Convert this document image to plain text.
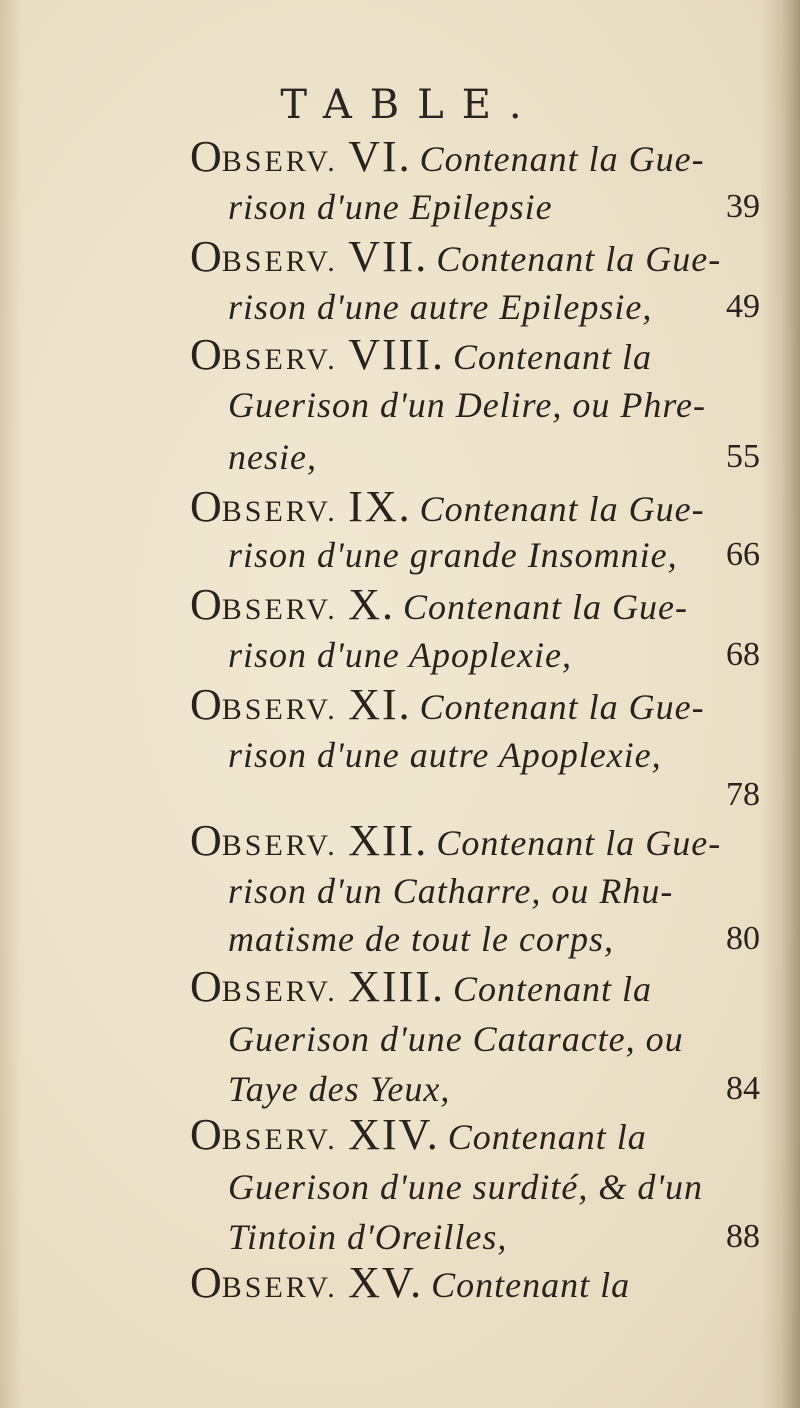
TABLE.
OBSERV. VI. Contenant la Gue-
rison d'une Epilepsie	39
OBSERV. VII. Contenant la Gue-
rison d'une autre Epilepsie, 49
OBSERV. VIII. Contenant la
Guerison d'un Delire, ou Phre-
nesie,	55
OBSERV. IX. Contenant la Gue-
rison d'une grande Insomnie, 66
OBSERV. X. Contenant la Gue-
rison d'une Apoplexie,	68
OBSERV. XI. Contenant la Gue-
rison d'une autre Apoplexie,
78
OBSERV. XII. Contenant la Gue-
rison d'un Catharre, ou Rhu-
matisme de tout le corps,	80
OBSERV. XIII. Contenant la
Guerison d'une Cataracte, ou
Taye des Yeux,	84
OBSERV. XIV. Contenant la
Guerison d'une surdité, & d'un
Tintoin d'Oreilles,	88
OBSERV. XV. Contenant la
